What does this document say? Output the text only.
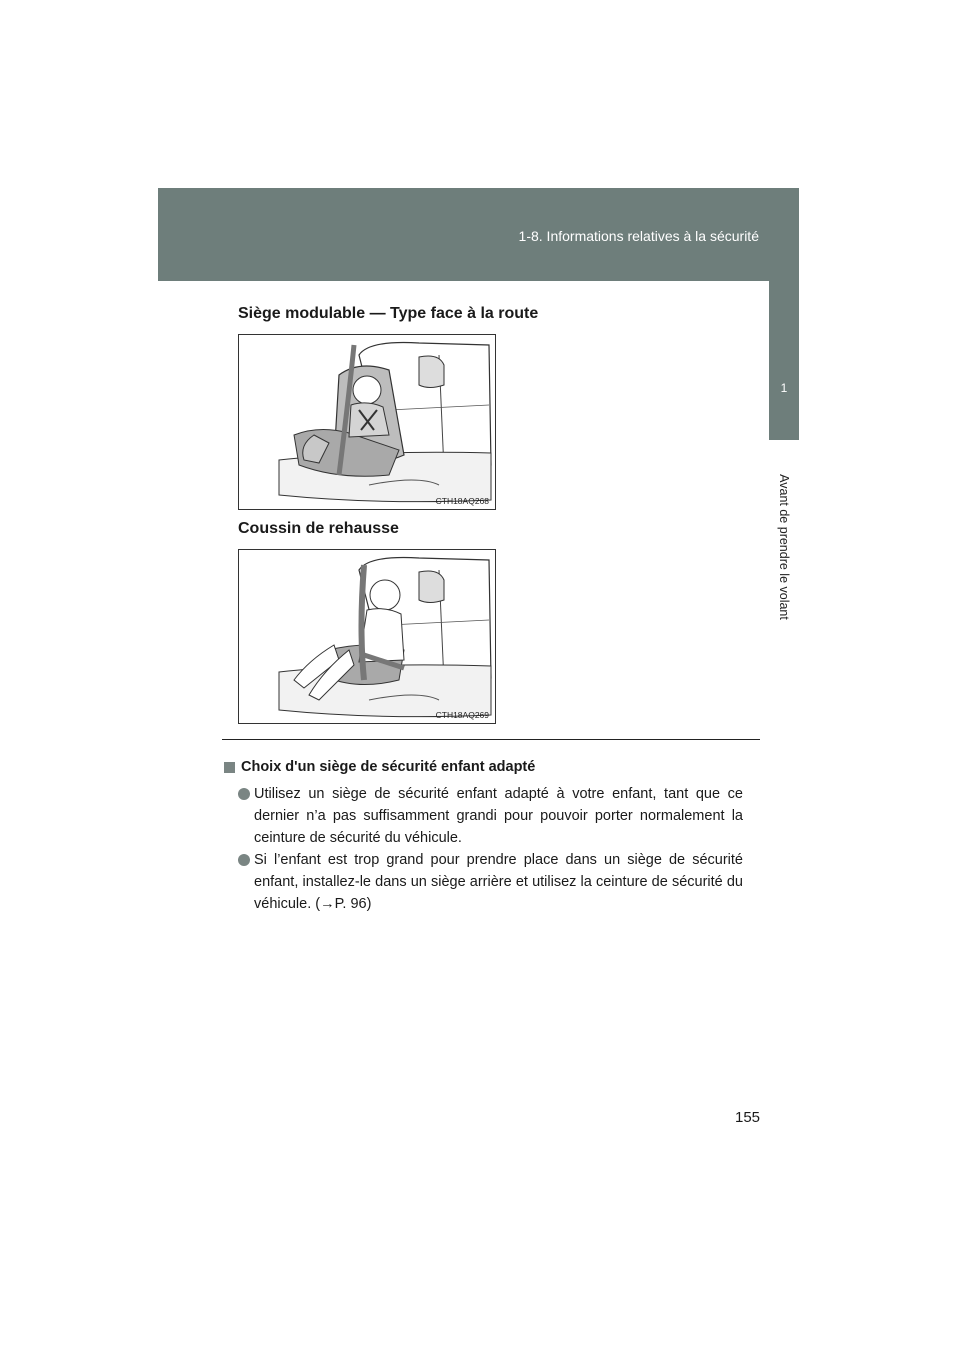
1-8. Informations relatives à la sécurité
1
Avant de prendre le volant
Siège modulable — Type face à la route
CTH18AQ268
Coussin de rehausse
CTH18AQ269
Choix d'un siège de sécurité enfant adapté
Utilisez un siège de sécurité enfant adapté à votre enfant, tant que ce dernier n’a pas suffisamment grandi pour pouvoir porter normalement la ceinture de sécurité du véhicule.
Si l’enfant est trop grand pour prendre place dans un siège de sécurité enfant, installez-le dans un siège arrière et utilisez la ceinture de sécurité du véhicule. (→P. 96)
155
